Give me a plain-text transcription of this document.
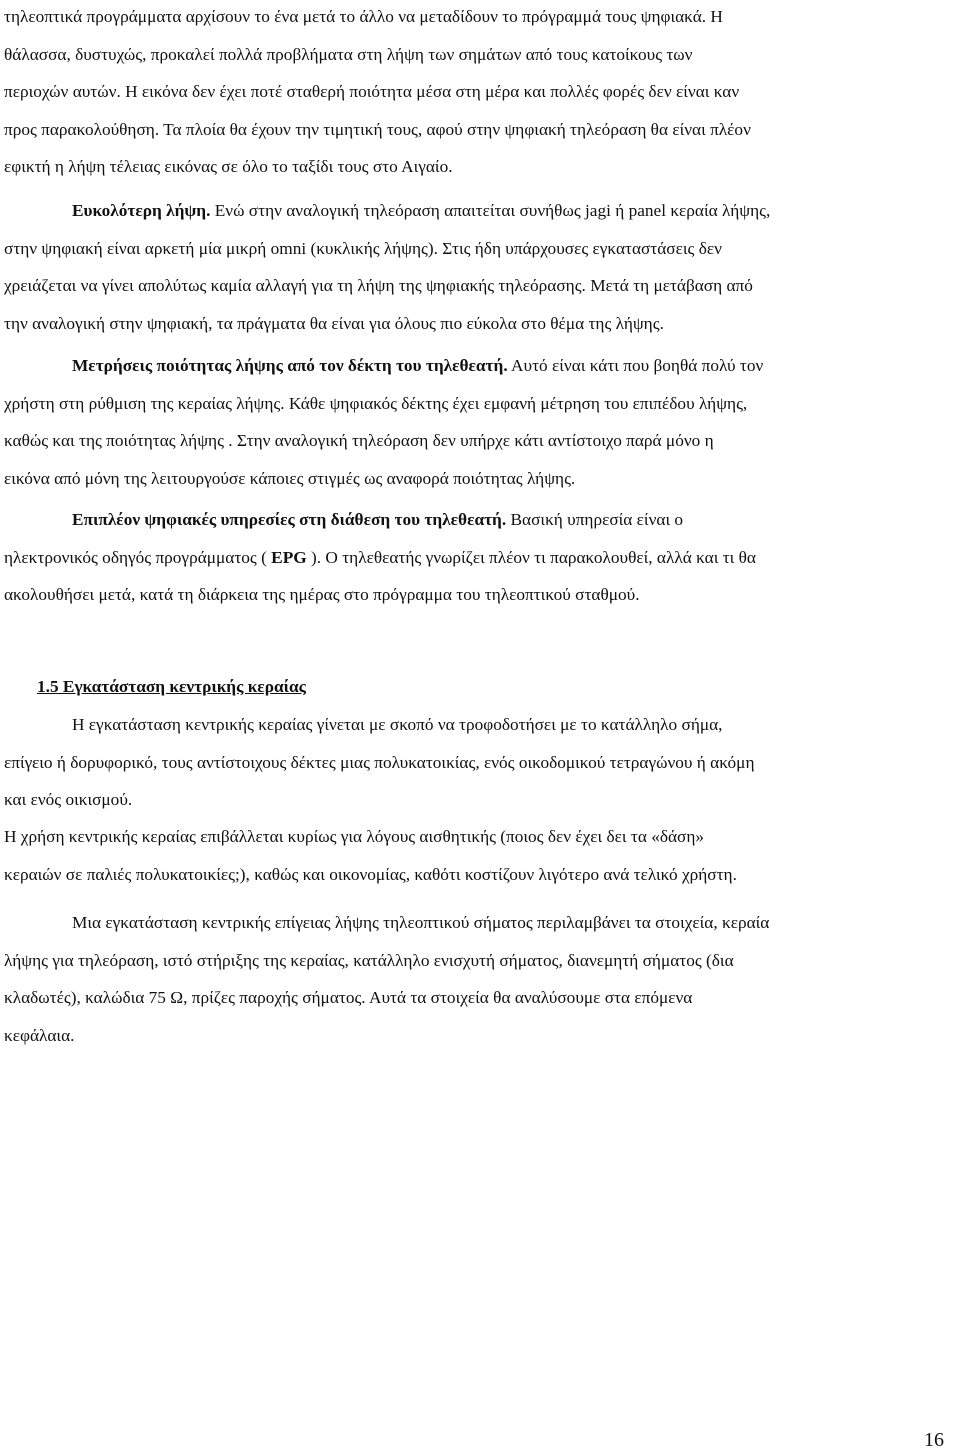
τηλεοπτικά προγράμματα αρχίσουν το ένα μετά το άλλο να μεταδίδουν το πρόγραμμά τους ψηφιακά. Η
θάλασσα, δυστυχώς, προκαλεί πολλά προβλήματα στη λήψη των σημάτων από τους κατοίκους των
περιοχών αυτών. Η εικόνα δεν έχει ποτέ σταθερή ποιότητα μέσα στη μέρα και πολλές φορές δεν είναι καν
προς παρακολούθηση. Τα πλοία θα έχουν την τιμητική τους, αφού στην ψηφιακή τηλεόραση θα είναι πλέον
εφικτή η λήψη τέλειας εικόνας σε όλο το ταξίδι τους στο Αιγαίο.

Ευκολότερη λήψη. Ενώ στην αναλογική τηλεόραση απαιτείται συνήθως jagi ή panel κεραία λήψης,
στην ψηφιακή είναι αρκετή μία μικρή omni (κυκλικής λήψης). Στις ήδη υπάρχουσες εγκαταστάσεις δεν
χρειάζεται να γίνει απολύτως καμία αλλαγή για τη λήψη της ψηφιακής τηλεόρασης. Μετά τη μετάβαση από
την αναλογική στην ψηφιακή, τα πράγματα θα είναι για όλους πιο εύκολα στο θέμα της λήψης.

Μετρήσεις ποιότητας λήψης από τον δέκτη του τηλεθεατή. Αυτό είναι κάτι που βοηθά πολύ τον
χρήστη στη ρύθμιση της κεραίας λήψης. Κάθε ψηφιακός δέκτης έχει εμφανή μέτρηση του επιπέδου λήψης,
καθώς και της ποιότητας λήψης . Στην αναλογική τηλεόραση δεν υπήρχε κάτι αντίστοιχο παρά μόνο η
εικόνα από μόνη της λειτουργούσε κάποιες στιγμές ως αναφορά ποιότητας λήψης.

Επιπλέον ψηφιακές υπηρεσίες στη διάθεση του τηλεθεατή. Βασική υπηρεσία είναι ο
ηλεκτρονικός οδηγός προγράμματος ( EPG ). Ο τηλεθεατής γνωρίζει πλέον τι παρακολουθεί, αλλά και τι θα
ακολουθήσει μετά, κατά τη διάρκεια της ημέρας στο πρόγραμμα του τηλεοπτικού σταθμού.

1.5 Εγκατάσταση κεντρικής κεραίας

Η εγκατάσταση κεντρικής κεραίας γίνεται με σκοπό να τροφοδοτήσει με το κατάλληλο σήμα,
επίγειο ή δορυφορικό, τους αντίστοιχους δέκτες μιας πολυκατοικίας, ενός οικοδομικού τετραγώνου ή ακόμη
και ενός οικισμού.

Η χρήση κεντρικής κεραίας επιβάλλεται κυρίως για λόγους αισθητικής (ποιος δεν έχει δει τα «δάση»
κεραιών σε παλιές πολυκατοικίες;), καθώς και οικονομίας, καθότι κοστίζουν λιγότερο ανά τελικό χρήστη.

Μια εγκατάσταση κεντρικής επίγειας λήψης τηλεοπτικού σήματος περιλαμβάνει τα στοιχεία, κεραία
λήψης για τηλεόραση, ιστό στήριξης της κεραίας, κατάλληλο ενισχυτή σήματος, διανεμητή σήματος (δια
κλαδωτές), καλώδια 75 Ω, πρίζες παροχής σήματος. Αυτά τα στοιχεία θα αναλύσουμε στα επόμενα
κεφάλαια.

16
